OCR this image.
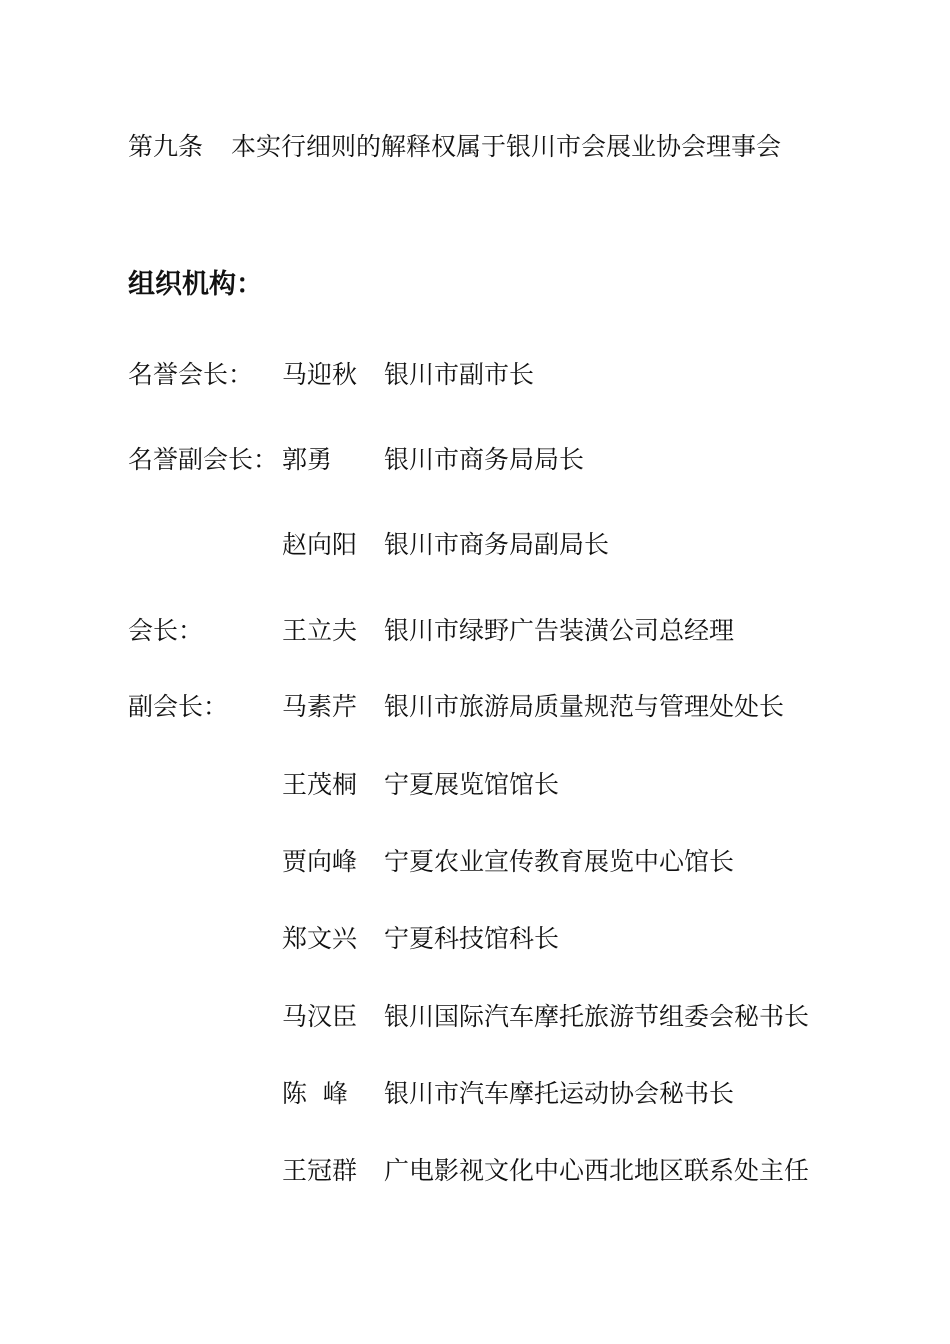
第九条 本实行细则的解释权属于银川市会展业协会理事会
组织机构：
名誉会长： 马迎秋 银川市副市长
名誉副会长： 郭勇 银川市商务局局长
赵向阳 银川市商务局副局长
会长：	王立夫 银川市绿野广告装潢公司总经理
副会长： 马素芹 银川市旅游局质量规范与管理处处长
王茂桐 宁夏展览馆馆长
贾向峰 宁夏农业宣传教育展览中心馆长
郑文兴 宁夏科技馆科长
马汉臣 银川国际汽车摩托旅游节组委会秘书长
陈  峰 银川市汽车摩托运动协会秘书长
王冠群 广电影视文化中心西北地区联系处主任
